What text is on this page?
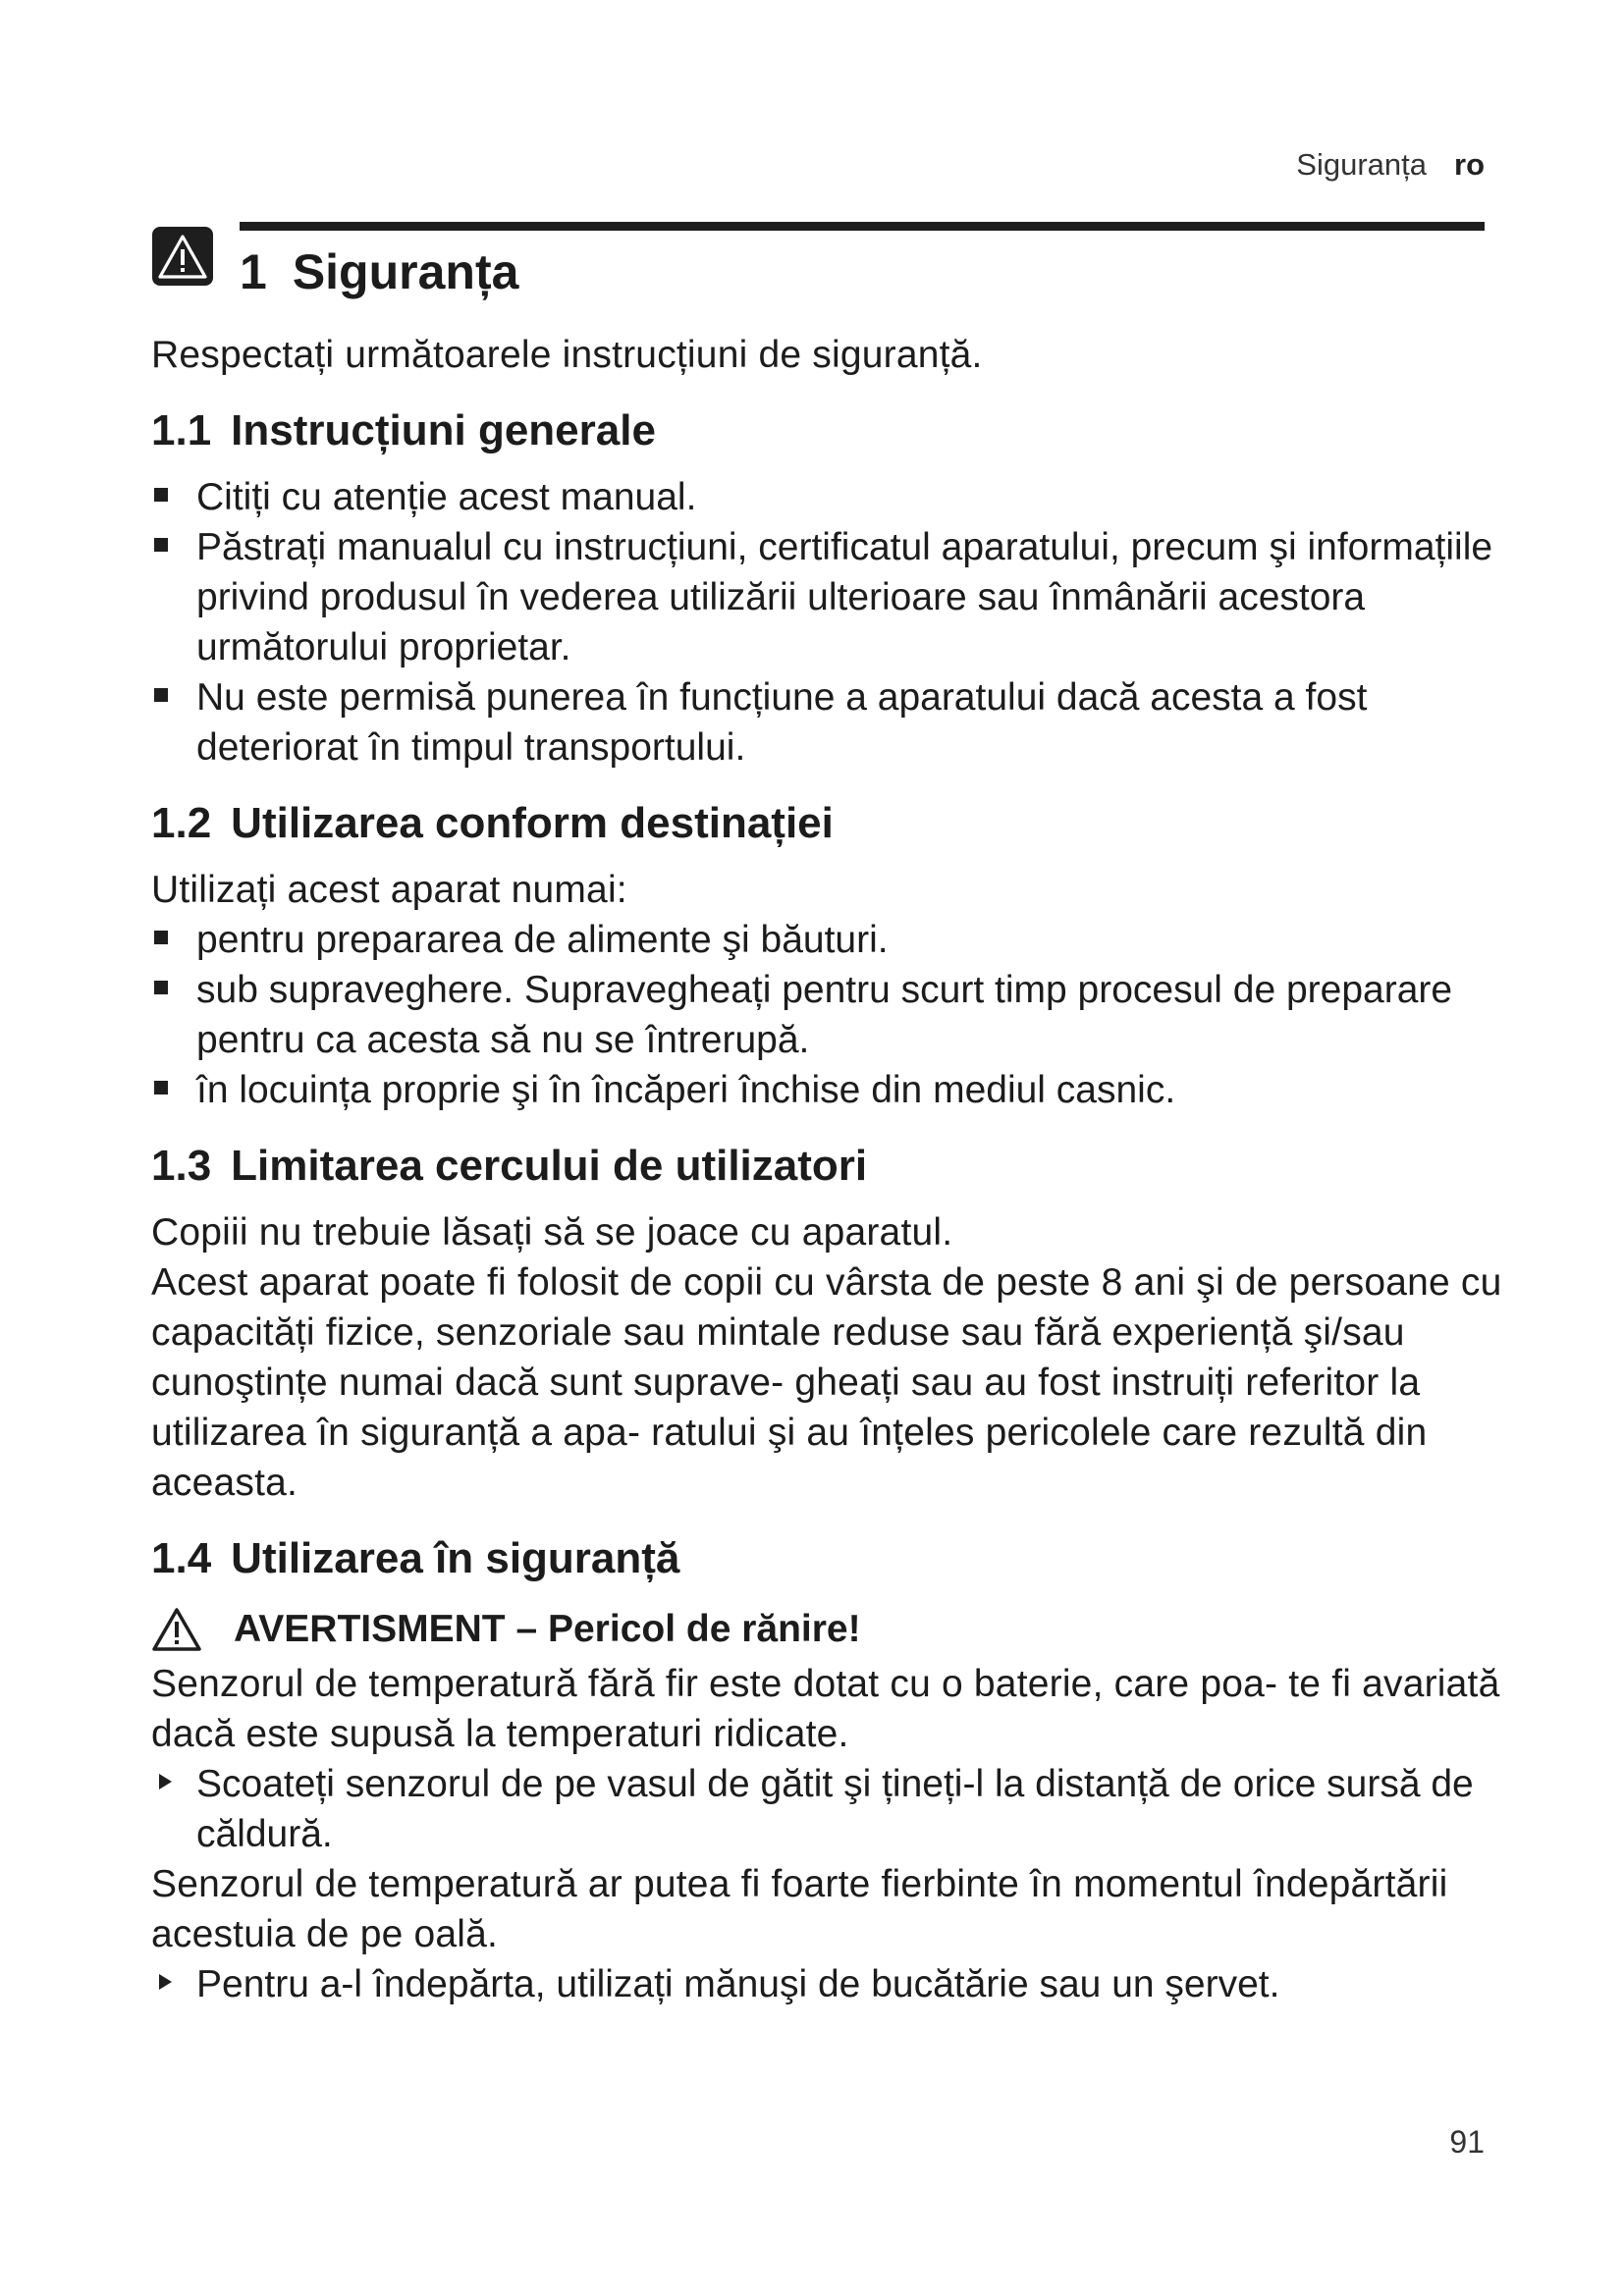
Siguranța ro
1 Siguranța

Respectați următoarele instrucțiuni de siguranță.

1.1 Instrucțiuni generale
Citiți cu atenție acest manual.
Păstrați manualul cu instrucțiuni, certificatul aparatului, precum şi informațiile privind produsul în vederea utilizării ulterioare sau înmânării acestora următorului proprietar.
Nu este permisă punerea în funcțiune a aparatului dacă acesta a fost deteriorat în timpul transportului.
1.2 Utilizarea conform destinației

Utilizați acest aparat numai:

pentru prepararea de alimente şi băuturi.
sub supraveghere. Supravegheați pentru scurt timp procesul de preparare pentru ca acesta să nu se întrerupă.
în locuința proprie şi în încăperi închise din mediul casnic.
1.3 Limitarea cercului de utilizatori

Copiii nu trebuie lăsați să se joace cu aparatul.

Acest aparat poate fi folosit de copii cu vârsta de peste 8 ani şi de persoane cu capacități fizice, senzoriale sau mintale reduse sau fără experiență şi/sau cunoştințe numai dacă sunt suprave- gheați sau au fost instruiți referitor la utilizarea în siguranță a apa- ratului şi au înțeles pericolele care rezultă din aceasta.

1.4 Utilizarea în siguranță
AVERTISMENT – Pericol de rănire!

Senzorul de temperatură fără fir este dotat cu o baterie, care poa- te fi avariată dacă este supusă la temperaturi ridicate.

Scoateți senzorul de pe vasul de gătit şi țineți-l la distanță de orice sursă de căldură.

Senzorul de temperatură ar putea fi foarte fierbinte în momentul îndepărtării acestuia de pe oală.

Pentru a-l îndepărta, utilizați mănuşi de bucătărie sau un şervet.
91
